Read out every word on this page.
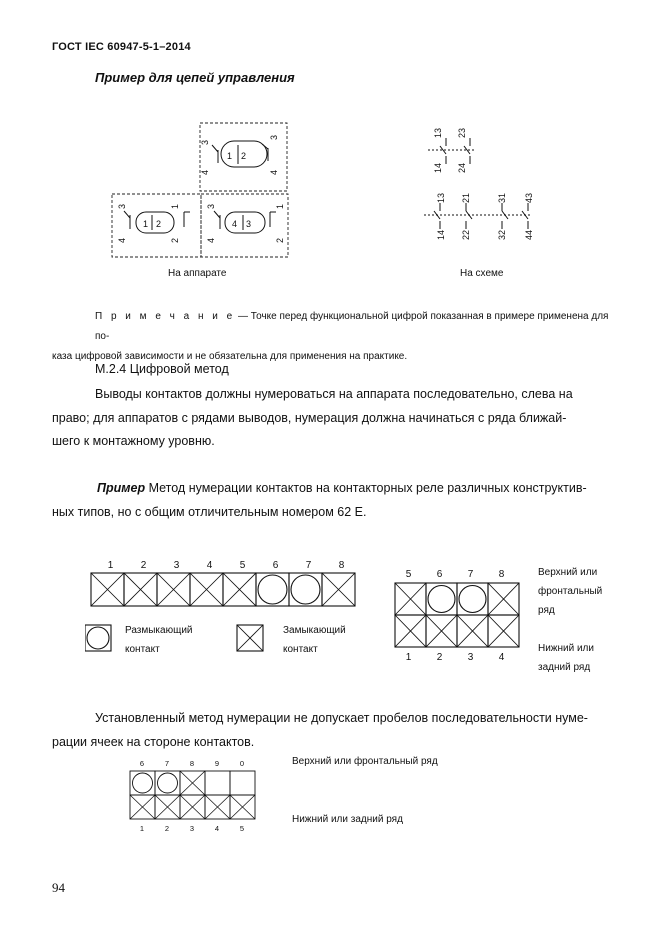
ГОСТ IEC 60947-5-1–2014
Пример для цепей управления
3
4
1 2
3
4
3
4
1 2
1
2
3
4
4 3
1
2
На аппарате
13 23
14 24
13 21	31 43
14 22	32 44
На схеме
П р и м е ч а н и е — Точке перед функциональной цифрой показанная в примере применена для по-
каза цифровой зависимости и не обязательна для применения на практике.
М.2.4 Цифровой метод
Выводы контактов должны нумероваться на аппарата последовательно, слева на
право; для аппаратов с рядами выводов, нумерация должна начинаться с ряда ближай-
шего к монтажному уровню.
Пример Метод нумерации контактов на контакторных реле различных конструктив-
ных типов, но с общим отличительным номером 62 Е.
1	2	3	4	5	6	7	8
5	6	7	8
1	2	3	4
Верхний или
фронтальный
ряд
Нижний или
задний ряд
Размыкающий
контакт
Замыкающий
контакт
Установленный метод нумерации не допускает пробелов последовательности нуме-
рации ячеек на стороне контактов.
6	7	8	9	0
1	2	3	4	5
Верхний или фронтальный ряд
Нижний или задний ряд
94
